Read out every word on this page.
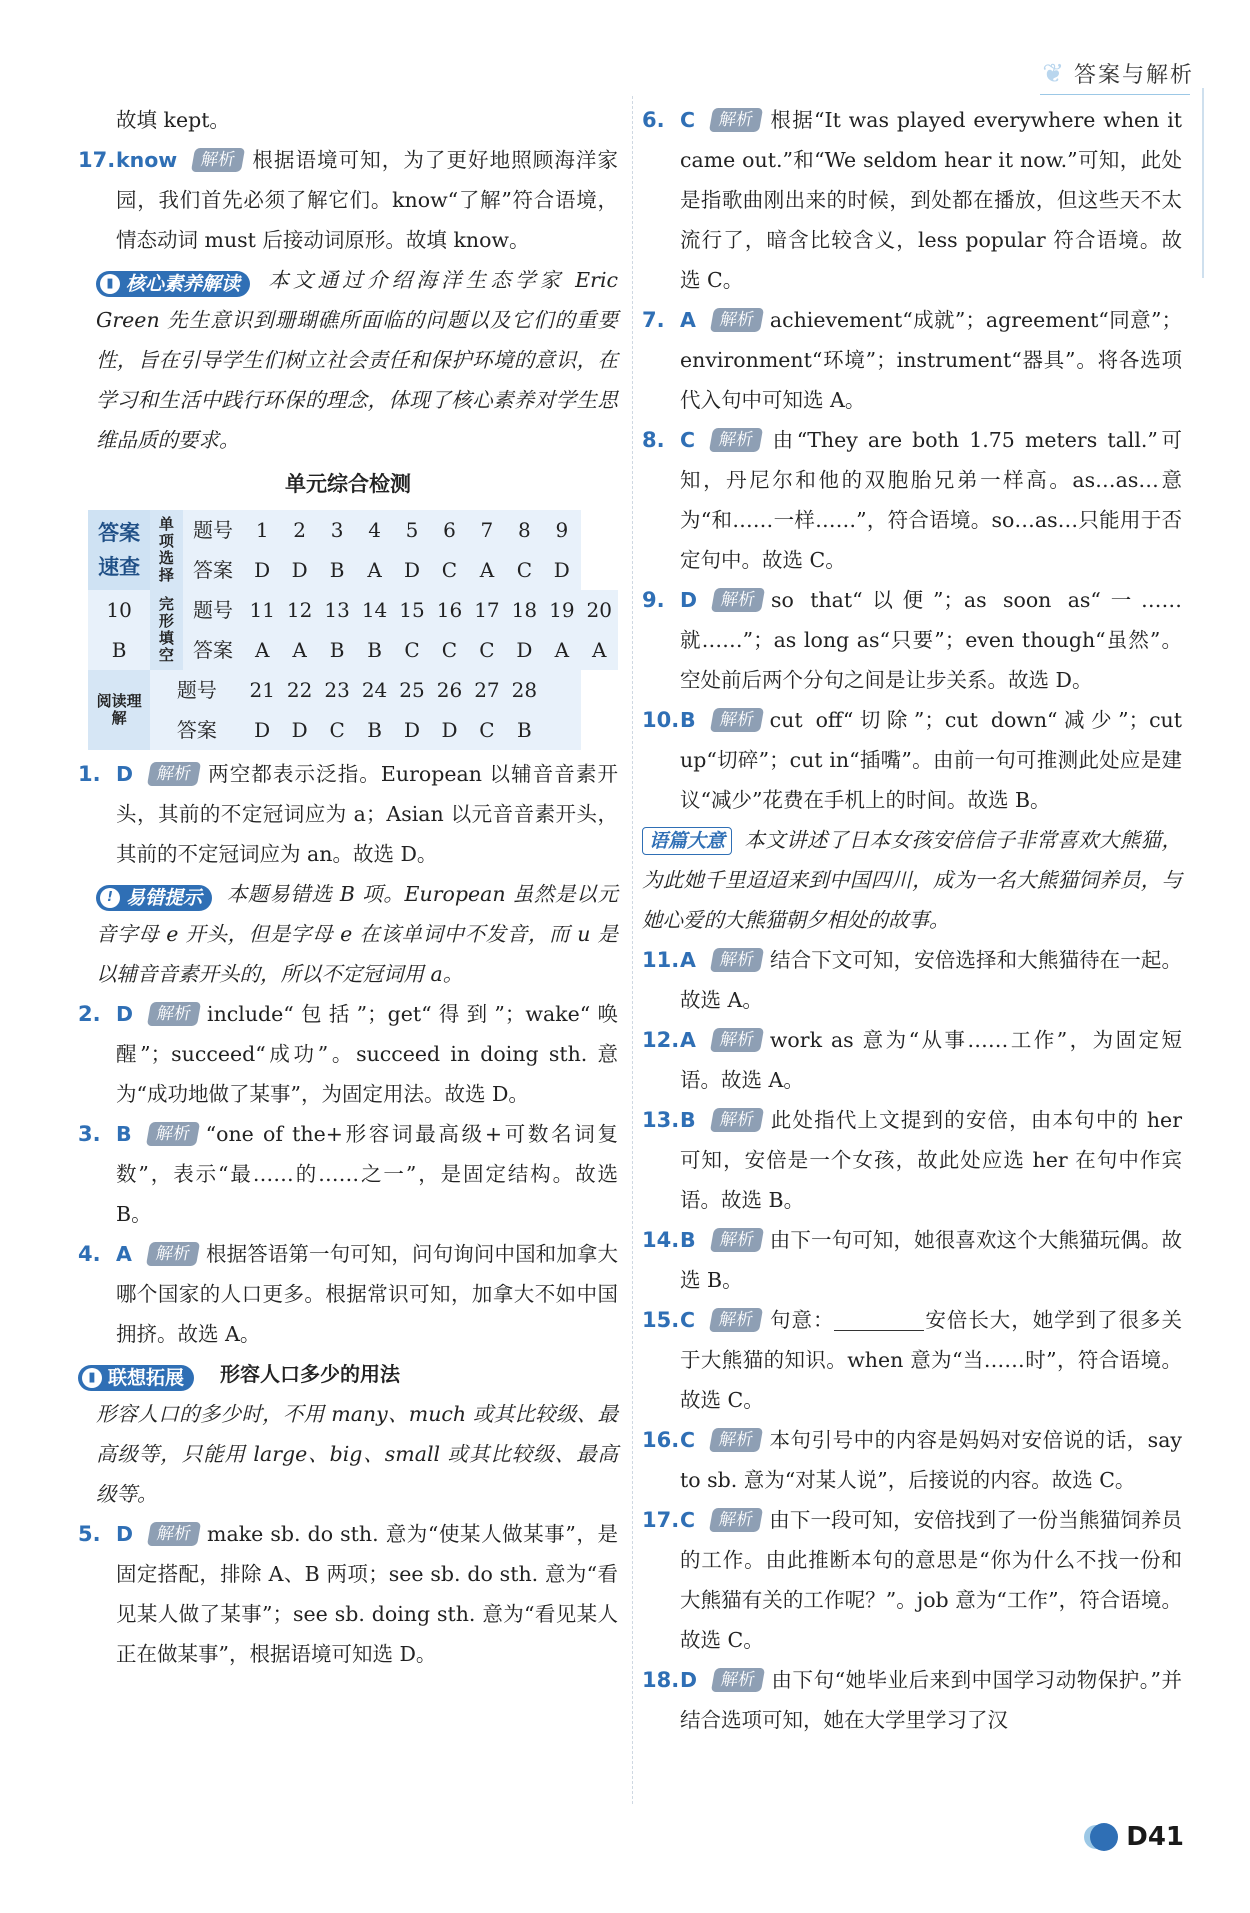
❦ 答案与解析
故填 kept。
17. know 解析 根据语境可知，为了更好地照顾海洋家园，我们首先必须了解它们。know“了解”符合语境，情态动词 must 后接动词原形。故填 know。
▮ 核心素养解读 本文通过介绍海洋生态学家 Eric Green 先生意识到珊瑚礁所面临的问题以及它们的重要性，旨在引导学生们树立社会责任和保护环境的意识，在学习和生活中践行环保的理念，体现了核心素养对学生思维品质的要求。
单元综合检测
答案
速查	单项选择	题号	1	2	3	4	5	6	7	8	9	
		答案	D	D	B	A	D	C	A	C	D	
10	完形填空	题号	11	12	13	14	15	16	17	18	19	20
B		答案	A	A	B	B	C	C	C	D	A	A
阅读理解	题号		21	22	23	24	25	26	27	28		
	答案		D	D	C	B	D	D	C	B		
1. D 解析 两空都表示泛指。European 以辅音音素开头，其前的不定冠词应为 a；Asian 以元音音素开头，其前的不定冠词应为 an。故选 D。
! 易错提示 本题易错选 B 项。European 虽然是以元音字母 e 开头，但是字母 e 在该单词中不发音，而 u 是以辅音音素开头的，所以不定冠词用 a。
2. D 解析 include“包括”；get“得到”；wake“唤醒”；succeed“成功”。succeed in doing sth. 意为“成功地做了某事”，为固定用法。故选 D。
3. B 解析 “one of the+形容词最高级+可数名词复数”，表示“最……的……之一”，是固定结构。故选 B。
4. A 解析 根据答语第一句可知，问句询问中国和加拿大哪个国家的人口更多。根据常识可知，加拿大不如中国拥挤。故选 A。
▮ 联想拓展 形容人口多少的用法
形容人口的多少时，不用 many、much 或其比较级、最高级等，只能用 large、big、small 或其比较级、最高级等。
5. D 解析 make sb. do sth. 意为“使某人做某事”，是固定搭配，排除 A、B 两项；see sb. do sth. 意为“看见某人做了某事”；see sb. doing sth. 意为“看见某人正在做某事”，根据语境可知选 D。
6. C 解析 根据“It was played everywhere when it came out.”和“We seldom hear it now.”可知，此处是指歌曲刚出来的时候，到处都在播放，但这些天不太流行了，暗含比较含义，less popular 符合语境。故选 C。
7. A 解析 achievement“成就”；agreement“同意”；environment“环境”；instrument“器具”。将各选项代入句中可知选 A。
8. C 解析 由“They are both 1.75 meters tall.”可知，丹尼尔和他的双胞胎兄弟一样高。as…as…意为“和……一样……”，符合语境。so…as…只能用于否定句中。故选 C。
9. D 解析 so that“以便”；as soon as“一……就……”；as long as“只要”；even though“虽然”。空处前后两个分句之间是让步关系。故选 D。
10. B 解析 cut off“切除”；cut down“减少”；cut up“切碎”；cut in“插嘴”。由前一句可推测此处应是建议“减少”花费在手机上的时间。故选 B。
语篇大意 本文讲述了日本女孩安倍信子非常喜欢大熊猫，为此她千里迢迢来到中国四川，成为一名大熊猫饲养员，与她心爱的大熊猫朝夕相处的故事。
11. A 解析 结合下文可知，安倍选择和大熊猫待在一起。故选 A。
12. A 解析 work as 意为“从事……工作”，为固定短语。故选 A。
13. B 解析 此处指代上文提到的安倍，由本句中的 her 可知，安倍是一个女孩，故此处应选 her 在句中作宾语。故选 B。
14. B 解析 由下一句可知，她很喜欢这个大熊猫玩偶。故选 B。
15. C 解析 句意：	安倍长大，她学到了很多关于大熊猫的知识。when 意为“当……时”，符合语境。故选 C。
16. C 解析 本句引号中的内容是妈妈对安倍说的话，say to sb. 意为“对某人说”，后接说的内容。故选 C。
17. C 解析 由下一段可知，安倍找到了一份当熊猫饲养员的工作。由此推断本句的意思是“你为什么不找一份和大熊猫有关的工作呢？”。job 意为“工作”，符合语境。故选 C。
18. D 解析 由下句“她毕业后来到中国学习动物保护。”并结合选项可知，她在大学里学习了汉
D41
